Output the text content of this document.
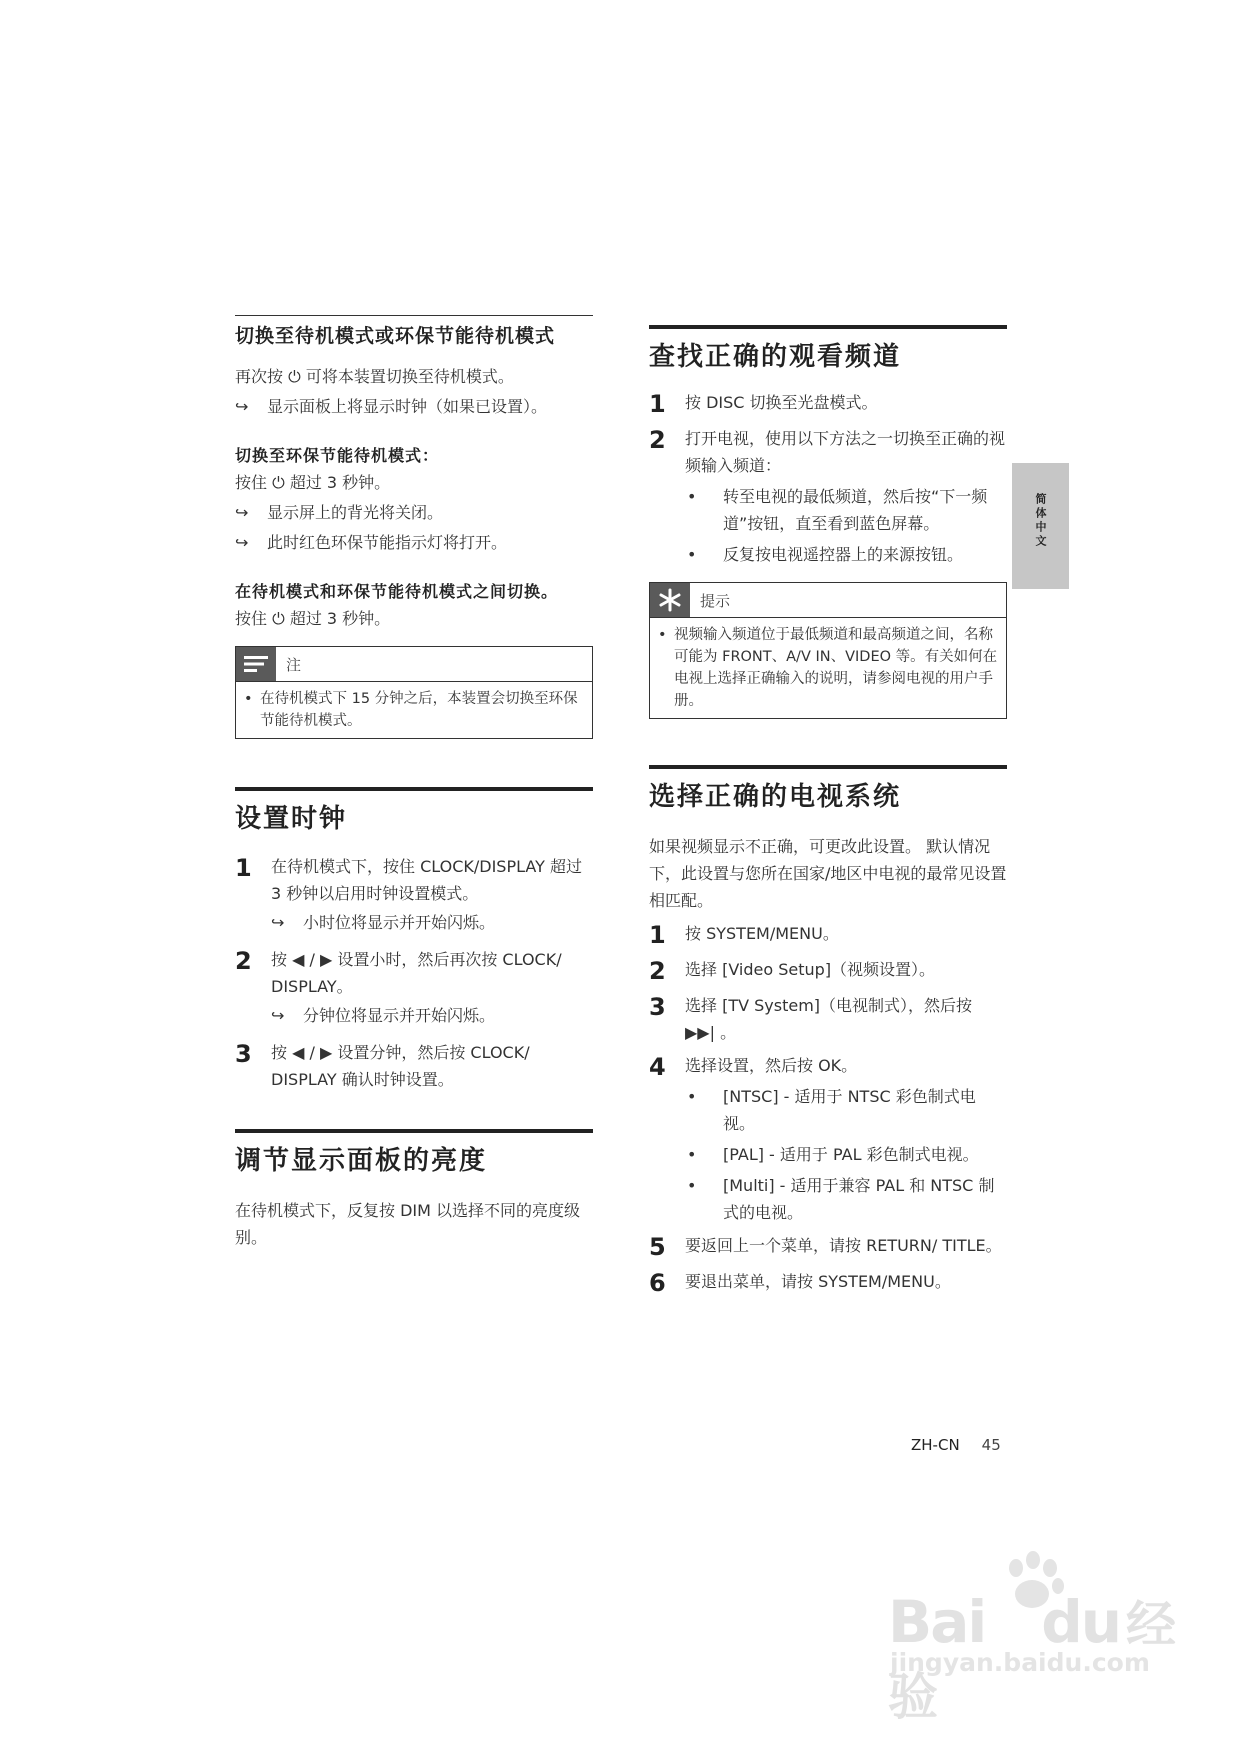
切换至待机模式或环保节能待机模式

再次按 ⏻ 可将本装置切换至待机模式。

↪	显示面板上将显示时钟（如果已设置）。
切换至环保节能待机模式：

按住 ⏻ 超过 3 秒钟。

↪	显示屏上的背光将关闭。
↪	此时红色环保节能指示灯将打开。
在待机模式和环保节能待机模式之间切换。

按住 ⏻ 超过 3 秒钟。

注
• 在待机模式下 15 分钟之后，本装置会切换至环保节能待机模式。
设置时钟
1	在待机模式下，按住 CLOCK/DISPLAY 超过 3 秒钟以启用时钟设置模式。
↪	小时位将显示并开始闪烁。
2	按 ◀ / ▶ 设置小时，然后再次按 CLOCK/ DISPLAY。
↪	分钟位将显示并开始闪烁。
3	按 ◀ / ▶ 设置分钟，然后按 CLOCK/ DISPLAY 确认时钟设置。
调节显示面板的亮度

在待机模式下，反复按 DIM 以选择不同的亮度级别。

查找正确的观看频道
1	按 DISC 切换至光盘模式。
2	打开电视，使用以下方法之一切换至正确的视频输入频道：
•	转至电视的最低频道，然后按“下一频道”按钮，直至看到蓝色屏幕。
•	反复按电视遥控器上的来源按钮。
提示
• 视频输入频道位于最低频道和最高频道之间，名称可能为 FRONT、A/V IN、VIDEO 等。有关如何在电视上选择正确输入的说明，请参阅电视的用户手册。
选择正确的电视系统

如果视频显示不正确，可更改此设置。 默认情况下，此设置与您所在国家/地区中电视的最常见设置相匹配。

1	按 SYSTEM/MENU。
2	选择 [Video Setup]（视频设置）。
3	选择 [TV System]（电视制式），然后按 ▶▶| 。
4	选择设置，然后按 OK。
•	[NTSC] - 适用于 NTSC 彩色制式电视。
•	[PAL] - 适用于 PAL 彩色制式电视。
•	[Multi] - 适用于兼容 PAL 和 NTSC 制式的电视。
5	要返回上一个菜单，请按 RETURN/ TITLE。
6	要退出菜单，请按 SYSTEM/MENU。
简体中文
ZH-CN 45
Bai du 经验
jingyan.baidu.com
